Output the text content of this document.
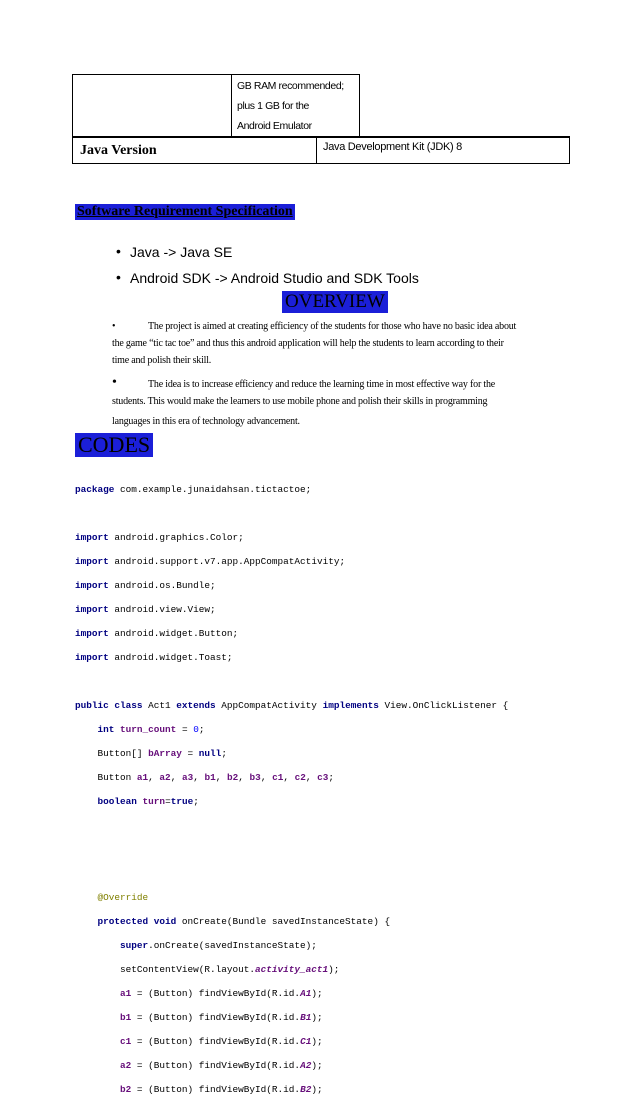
GB RAM recommended;
plus 1 GB for the
Android Emulator
Java Version	Java Development Kit (JDK) 8
Software Requirement Specification
• Java -> Java SE
• Android SDK -> Android Studio and SDK Tools
OVERVIEW
•	The project is aimed at creating efficiency of the students for those who have no basic idea about
the game “tic tac toe” and thus this android application will help the students to learn according to their
time and polish their skill.
•	The idea is to increase efficiency and reduce the learning time in most effective way for the
students. This would make the learners to use mobile phone and polish their skills in programming
languages in this era of technology advancement.
CODES

package com.example.junaidahsan.tictactoe;

import android.graphics.Color;

import android.support.v7.app.AppCompatActivity;

import android.os.Bundle;

import android.view.View;

import android.widget.Button;

import android.widget.Toast;

public class Act1 extends AppCompatActivity implements View.OnClickListener {

int turn_count = 0;

Button[] bArray = null;

Button a1, a2, a3, b1, b2, b3, c1, c2, c3;

boolean turn=true;

@Override

protected void onCreate(Bundle savedInstanceState) {

super.onCreate(savedInstanceState);

setContentView(R.layout.activity_act1);

a1 = (Button) findViewById(R.id.A1);

b1 = (Button) findViewById(R.id.B1);

c1 = (Button) findViewById(R.id.C1);

a2 = (Button) findViewById(R.id.A2);

b2 = (Button) findViewById(R.id.B2);
